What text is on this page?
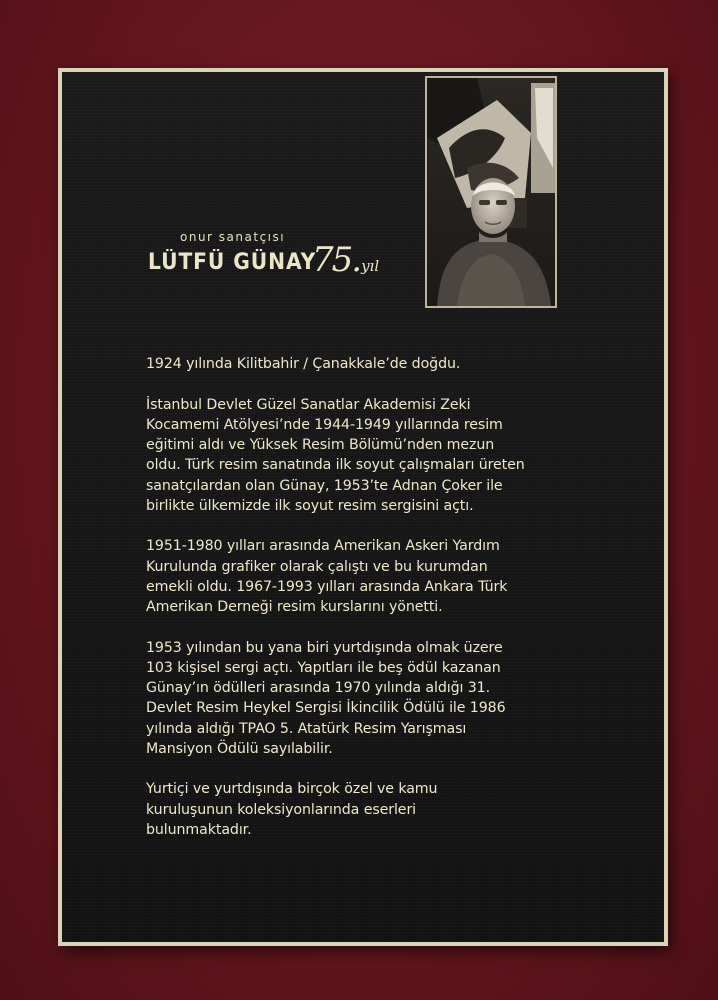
onur sanatçısı
LÜTFÜ GÜNAY
75.yıl

1924 yılında Kilitbahir / Çanakkale’de doğdu.

İstanbul Devlet Güzel Sanatlar Akademisi Zeki
Kocamemi Atölyesi’nde 1944-1949 yıllarında resim
eğitimi aldı ve Yüksek Resim Bölümü’nden mezun
oldu. Türk resim sanatında ilk soyut çalışmaları üreten
sanatçılardan olan Günay, 1953’te Adnan Çoker ile
birlikte ülkemizde ilk soyut resim sergisini açtı.

1951-1980 yılları arasında Amerikan Askeri Yardım
Kurulunda grafiker olarak çalıştı ve bu kurumdan
emekli oldu. 1967-1993 yılları arasında Ankara Türk
Amerikan Derneği resim kurslarını yönetti.

1953 yılından bu yana biri yurtdışında olmak üzere
103 kişisel sergi açtı. Yapıtları ile beş ödül kazanan
Günay’ın ödülleri arasında 1970 yılında aldığı 31.
Devlet Resim Heykel Sergisi İkincilik Ödülü ile 1986
yılında aldığı TPAO 5. Atatürk Resim Yarışması
Mansiyon Ödülü sayılabilir.

Yurtiçi ve yurtdışında birçok özel ve kamu
kuruluşunun koleksiyonlarında eserleri
bulunmaktadır.
